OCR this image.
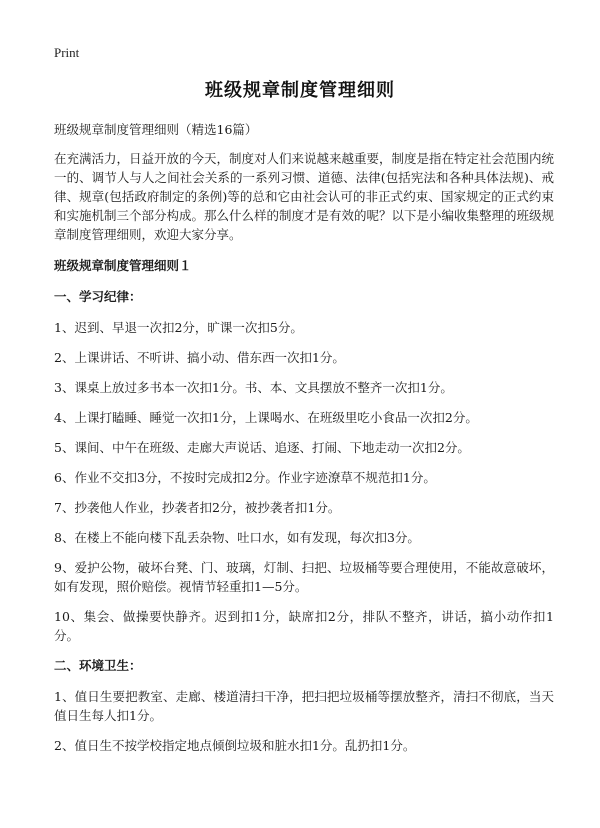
Print
班级规章制度管理细则
班级规章制度管理细则（精选16篇）
在充满活力，日益开放的今天，制度对人们来说越来越重要，制度是指在特定社会范围内统一的、调节人与人之间社会关系的一系列习惯、道德、法律(包括宪法和各种具体法规)、戒律、规章(包括政府制定的条例)等的总和它由社会认可的非正式约束、国家规定的正式约束和实施机制三个部分构成。那么什么样的制度才是有效的呢？以下是小编收集整理的班级规章制度管理细则，欢迎大家分享。
班级规章制度管理细则１
一、学习纪律：
1、迟到、早退一次扣2分，旷课一次扣5分。
2、上课讲话、不听讲、搞小动、借东西一次扣1分。
3、课桌上放过多书本一次扣1分。书、本、文具摆放不整齐一次扣1分。
4、上课打瞌睡、睡觉一次扣1分，上课喝水、在班级里吃小食品一次扣2分。
5、课间、中午在班级、走廊大声说话、追逐、打闹、下地走动一次扣2分。
6、作业不交扣3分，不按时完成扣2分。作业字迹潦草不规范扣1分。
7、抄袭他人作业，抄袭者扣2分，被抄袭者扣1分。
8、在楼上不能向楼下乱丢杂物、吐口水，如有发现，每次扣3分。
9、爱护公物，破坏台凳、门、玻璃，灯制、扫把、垃圾桶等要合理使用，不能故意破坏，如有发现，照价赔偿。视情节轻重扣1—5分。
10、集会、做操要快静齐。迟到扣1分，缺席扣2分，排队不整齐，讲话，搞小动作扣1分。
二、环境卫生：
1、值日生要把教室、走廊、楼道清扫干净，把扫把垃圾桶等摆放整齐，清扫不彻底，当天值日生每人扣1分。
2、值日生不按学校指定地点倾倒垃圾和脏水扣1分。乱扔扣1分。
